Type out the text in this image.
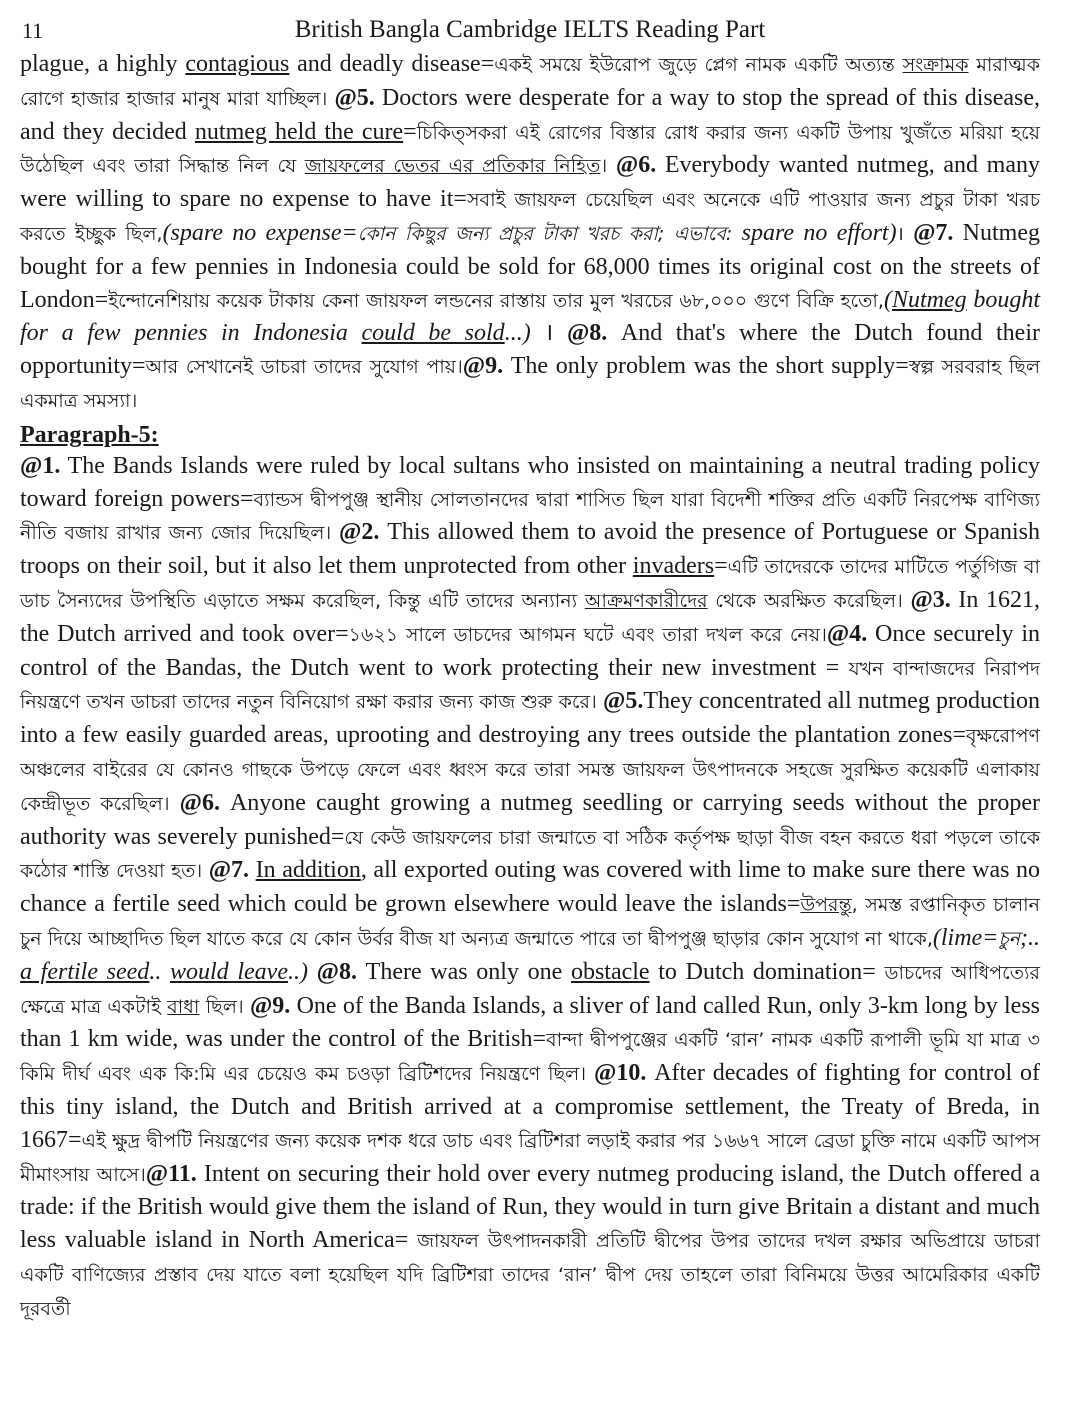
11	British Bangla Cambridge IELTS Reading Part

plague, a highly contagious and deadly disease=একই সময়ে ইউরোপ জুড়ে প্লেগ নামক একটি অত্যন্ত সংক্রামক মারাত্মক রোগে হাজার হাজার মানুষ মারা যাচ্ছিল। @5. Doctors were desperate for a way to stop the spread of this disease, and they decided nutmeg held the cure=চিকিত্সকরা এই রোগের বিস্তার রোধ করার জন্য একটি উপায় খুজঁতে মরিয়া হয়ে উঠেছিল এবং তারা সিদ্ধান্ত নিল যে জায়ফলের ভেতর এর প্রতিকার নিহিত। @6. Everybody wanted nutmeg, and many were willing to spare no expense to have it=সবাই জায়ফল চেয়েছিল এবং অনেকে এটি পাওয়ার জন্য প্রচুর টাকা খরচ করতে ইচ্ছুক ছিল,(spare no expense=কোন কিছুর জন্য প্রচুর টাকা খরচ করা; এভাবে: spare no effort)। @7. Nutmeg bought for a few pennies in Indonesia could be sold for 68,000 times its original cost on the streets of London=ইন্দোনেশিয়ায় কয়েক টাকায় কেনা জায়ফল লন্ডনের রাস্তায় তার মুল খরচের ৬৮,০০০ গুণে বিক্রি হতো,(Nutmeg bought for a few pennies in Indonesia could be sold...) । @8. And that's where the Dutch found their opportunity=আর সেখানেই ডাচরা তাদের সুযোগ পায়।@9. The only problem was the short supply=স্বল্প সরবরাহ ছিল একমাত্র সমস্যা।

Paragraph-5:

@1. The Bands Islands were ruled by local sultans who insisted on maintaining a neutral trading policy toward foreign powers=ব্যান্ডস দ্বীপপুঞ্জ স্থানীয় সোলতানদের দ্বারা শাসিত ছিল যারা বিদেশী শক্তির প্রতি একটি নিরপেক্ষ বাণিজ্য নীতি বজায় রাখার জন্য জোর দিয়েছিল। @2. This allowed them to avoid the presence of Portuguese or Spanish troops on their soil, but it also let them unprotected from other invaders=এটি তাদেরকে তাদের মাটিতে পর্তুগিজ বা ডাচ সৈন্যদের উপস্থিতি এড়াতে সক্ষম করেছিল, কিন্তু এটি তাদের অন্যান্য আক্রমণকারীদের থেকে অরক্ষিত করেছিল। @3. In 1621, the Dutch arrived and took over=১৬২১ সালে ডাচদের আগমন ঘটে এবং তারা দখল করে নেয়।@4. Once securely in control of the Bandas, the Dutch went to work protecting their new investment = যখন বান্দাজদের নিরাপদ নিয়ন্ত্রণে তখন ডাচরা তাদের নতুন বিনিয়োগ রক্ষা করার জন্য কাজ শুরু করে। @5.They concentrated all nutmeg production into a few easily guarded areas, uprooting and destroying any trees outside the plantation zones=বৃক্ষরোপণ অঞ্চলের বাইরের যে কোনও গাছকে উপড়ে ফেলে এবং ধ্বংস করে তারা সমস্ত জায়ফল উৎপাদনকে সহজে সুরক্ষিত কয়েকটি এলাকায় কেন্দ্রীভূত করেছিল। @6. Anyone caught growing a nutmeg seedling or carrying seeds without the proper authority was severely punished=যে কেউ জায়ফলের চারা জন্মাতে বা সঠিক কর্তৃপক্ষ ছাড়া বীজ বহন করতে ধরা পড়লে তাকে কঠোর শাস্তি দেওয়া হত। @7. In addition, all exported outing was covered with lime to make sure there was no chance a fertile seed which could be grown elsewhere would leave the islands=উপরন্তু, সমস্ত রপ্তানিকৃত চালান চুন দিয়ে আচ্ছাদিত ছিল যাতে করে যে কোন উর্বর বীজ যা অন্যত্র জন্মাতে পারে তা দ্বীপপুঞ্জ ছাড়ার কোন সুযোগ না থাকে,(lime=চুন;.. a fertile seed.. would leave..) @8. There was only one obstacle to Dutch domination= ডাচদের আধিপত্যের ক্ষেত্রে মাত্র একটাই বাধা ছিল। @9. One of the Banda Islands, a sliver of land called Run, only 3-km long by less than 1 km wide, was under the control of the British=বান্দা দ্বীপপুঞ্জের একটি ‘রান’ নামক একটি রূপালী ভূমি যা মাত্র ৩ কিমি দীর্ঘ এবং এক কি:মি এর চেয়েও কম চওড়া ব্রিটিশদের নিয়ন্ত্রণে ছিল। @10. After decades of fighting for control of this tiny island, the Dutch and British arrived at a compromise settlement, the Treaty of Breda, in 1667=এই ক্ষুদ্র দ্বীপটি নিয়ন্ত্রণের জন্য কয়েক দশক ধরে ডাচ এবং ব্রিটিশরা লড়াই করার পর ১৬৬৭ সালে ব্রেডা চুক্তি নামে একটি আপস মীমাংসায় আসে।@11. Intent on securing their hold over every nutmeg producing island, the Dutch offered a trade: if the British would give them the island of Run, they would in turn give Britain a distant and much less valuable island in North America= জায়ফল উৎপাদনকারী প্রতিটি দ্বীপের উপর তাদের দখল রক্ষার অভিপ্রায়ে ডাচরা একটি বাণিজ্যের প্রস্তাব দেয় যাতে বলা হয়েছিল যদি ব্রিটিশরা তাদের ‘রান’ দ্বীপ দেয় তাহলে তারা বিনিময়ে উত্তর আমেরিকার একটি দূরবর্তী
